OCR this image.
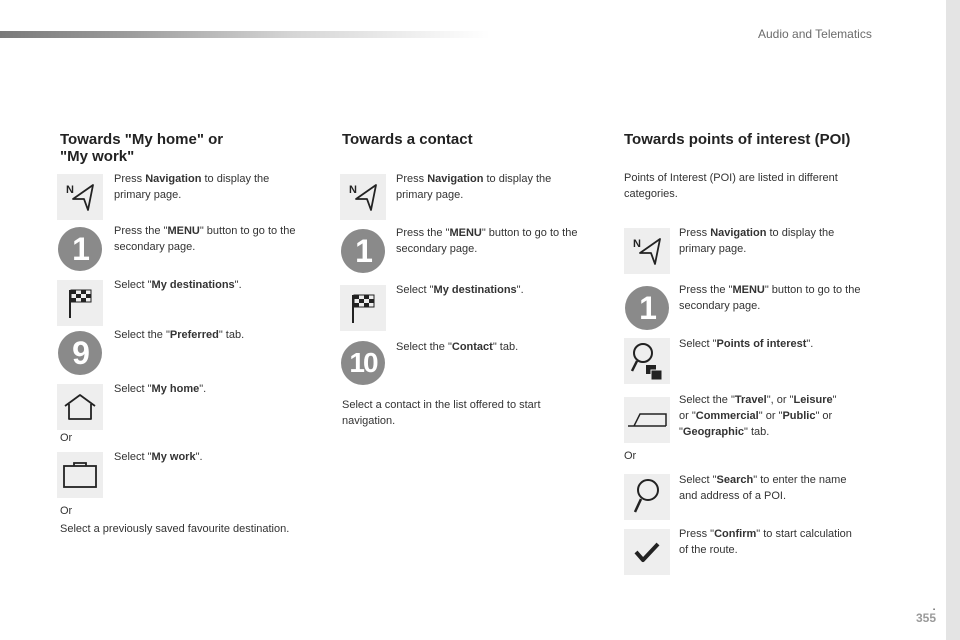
Audio and Telematics
Towards "My home" or
"My work"
N
Press Navigation to display the
primary page.
1	Press the "MENU" button to go to the
secondary page.
Select "My destinations".
9	Select the "Preferred" tab.
Select "My home".
Or
Select "My work".
Or
Select a previously saved favourite destination.
Towards a contact
N
Press Navigation to display the
primary page.
1	Press the "MENU" button to go to the
secondary page.
Select "My destinations".
10	Select the "Contact" tab.
Select a contact in the list offered to start
navigation.
Towards points of interest (POI)
Points of Interest (POI) are listed in different
categories.
N
Press Navigation to display the
primary page.
1	Press the "MENU" button to go to the
secondary page.
Select "Points of interest".
Select the "Travel", or "Leisure"
or "Commercial" or "Public" or
"Geographic" tab.
Or
Select "Search" to enter the name
and address of a POI.
Press "Confirm" to start calculation
of the route.
.
355
